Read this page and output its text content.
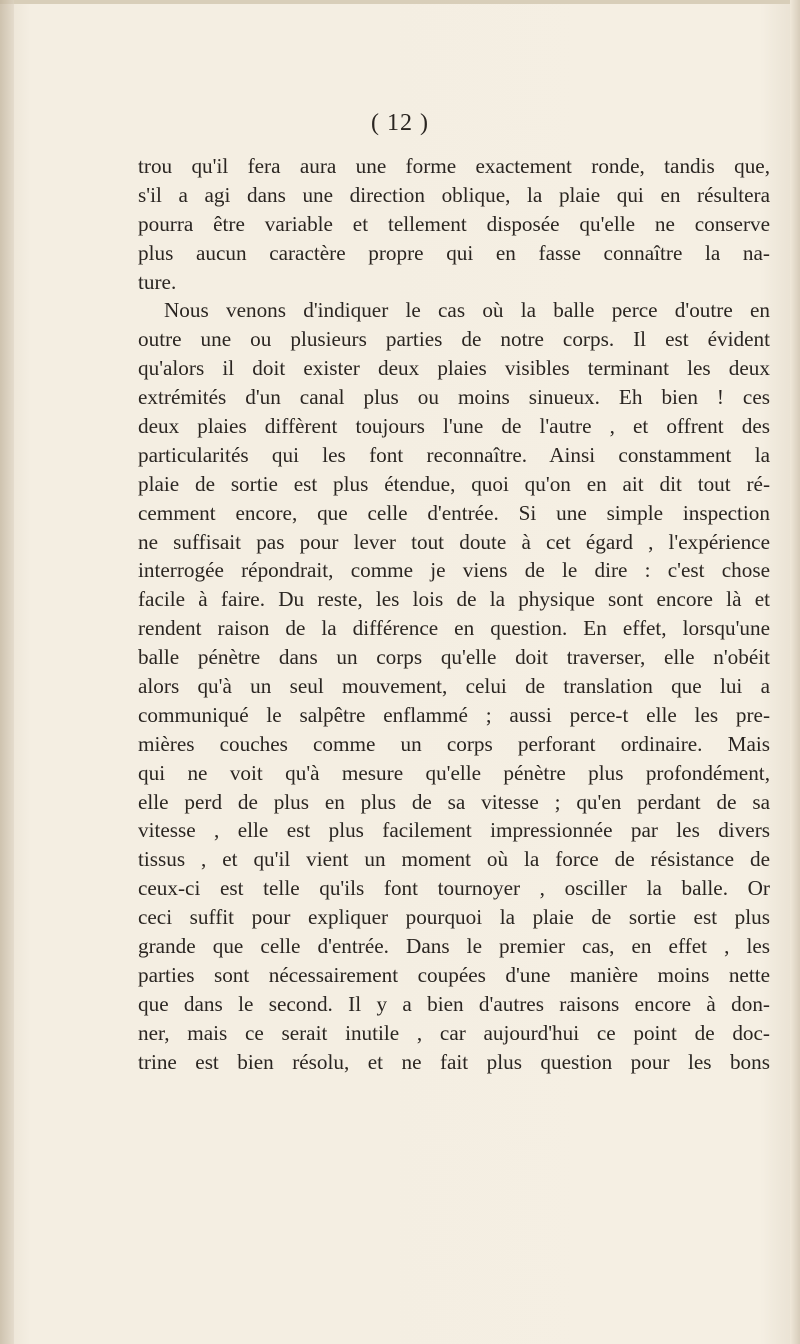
( 12 )
trou qu'il fera aura une forme exactement ronde, tandis que,
s'il a agi dans une direction oblique, la plaie qui en résultera
pourra être variable et tellement disposée qu'elle ne conserve
plus aucun caractère propre qui en fasse connaître la na-
ture.
Nous venons d'indiquer le cas où la balle perce d'outre en
outre une ou plusieurs parties de notre corps. Il est évident
qu'alors il doit exister deux plaies visibles terminant les deux
extrémités d'un canal plus ou moins sinueux. Eh bien ! ces
deux plaies diffèrent toujours l'une de l'autre , et offrent des
particularités qui les font reconnaître. Ainsi constamment la
plaie de sortie est plus étendue, quoi qu'on en ait dit tout ré-
cemment encore, que celle d'entrée. Si une simple inspection
ne suffisait pas pour lever tout doute à cet égard , l'expérience
interrogée répondrait, comme je viens de le dire : c'est chose
facile à faire. Du reste, les lois de la physique sont encore là et
rendent raison de la différence en question. En effet, lorsqu'une
balle pénètre dans un corps qu'elle doit traverser, elle n'obéit
alors qu'à un seul mouvement, celui de translation que lui a
communiqué le salpêtre enflammé ; aussi perce-t elle les pre-
mières couches comme un corps perforant ordinaire. Mais
qui ne voit qu'à mesure qu'elle pénètre plus profondément,
elle perd de plus en plus de sa vitesse ; qu'en perdant de sa
vitesse , elle est plus facilement impressionnée par les divers
tissus , et qu'il vient un moment où la force de résistance de
ceux-ci est telle qu'ils font tournoyer , osciller la balle. Or
ceci suffit pour expliquer pourquoi la plaie de sortie est plus
grande que celle d'entrée. Dans le premier cas, en effet , les
parties sont nécessairement coupées d'une manière moins nette
que dans le second. Il y a bien d'autres raisons encore à don-
ner, mais ce serait inutile , car aujourd'hui ce point de doc-
trine est bien résolu, et ne fait plus question pour les bons
